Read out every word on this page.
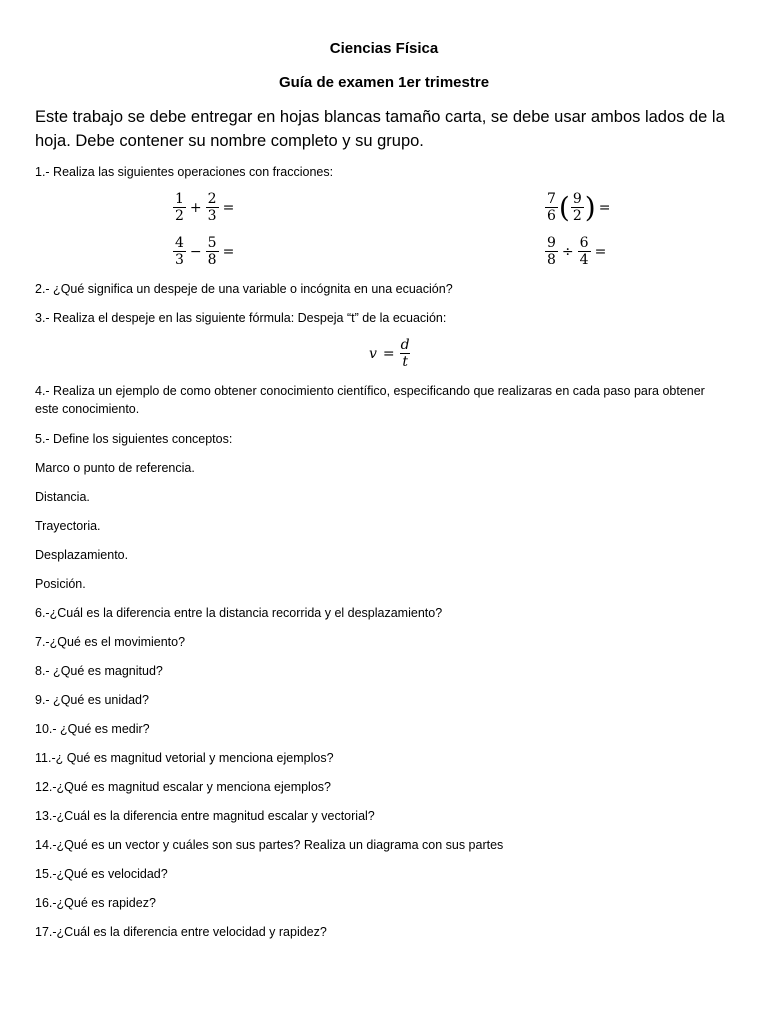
Ciencias Física
Guía de examen 1er trimestre
Este trabajo se debe entregar en hojas blancas tamaño carta, se debe usar ambos lados de la hoja. Debe contener su nombre completo y su grupo.
1.- Realiza las siguientes operaciones con fracciones:
$\frac{1}{2} + \frac{2}{3}$ =	$\frac{7}{6}$ ( $\frac{9}{2}$ ) =
$\frac{4}{3} - \frac{5}{8}$ =	$\frac{9}{8} \div \frac{6}{4}$ =
2.- ¿Qué significa un despeje de una variable o incógnita en una ecuación?
3.- Realiza el despeje en las siguiente fórmula: Despeja “t” de la ecuación:
$v = \frac{d}{t}$
4.- Realiza un ejemplo de como obtener conocimiento científico, especificando que realizaras en cada paso para obtener este conocimiento.
5.- Define los siguientes conceptos:
Marco o punto de referencia.
Distancia.
Trayectoria.
Desplazamiento.
Posición.
6.-¿Cuál es la diferencia entre la distancia recorrida y el desplazamiento?
7.-¿Qué es el movimiento?
8.- ¿Qué es magnitud?
9.- ¿Qué es unidad?
10.- ¿Qué es medir?
11.-¿ Qué es magnitud vetorial y menciona ejemplos?
12.-¿Qué es magnitud escalar y menciona ejemplos?
13.-¿Cuál es la diferencia entre magnitud escalar y vectorial?
14.-¿Qué es un vector y cuáles son sus partes? Realiza un diagrama con sus partes
15.-¿Qué es velocidad?
16.-¿Qué es rapidez?
17.-¿Cuál es la diferencia entre velocidad y rapidez?
